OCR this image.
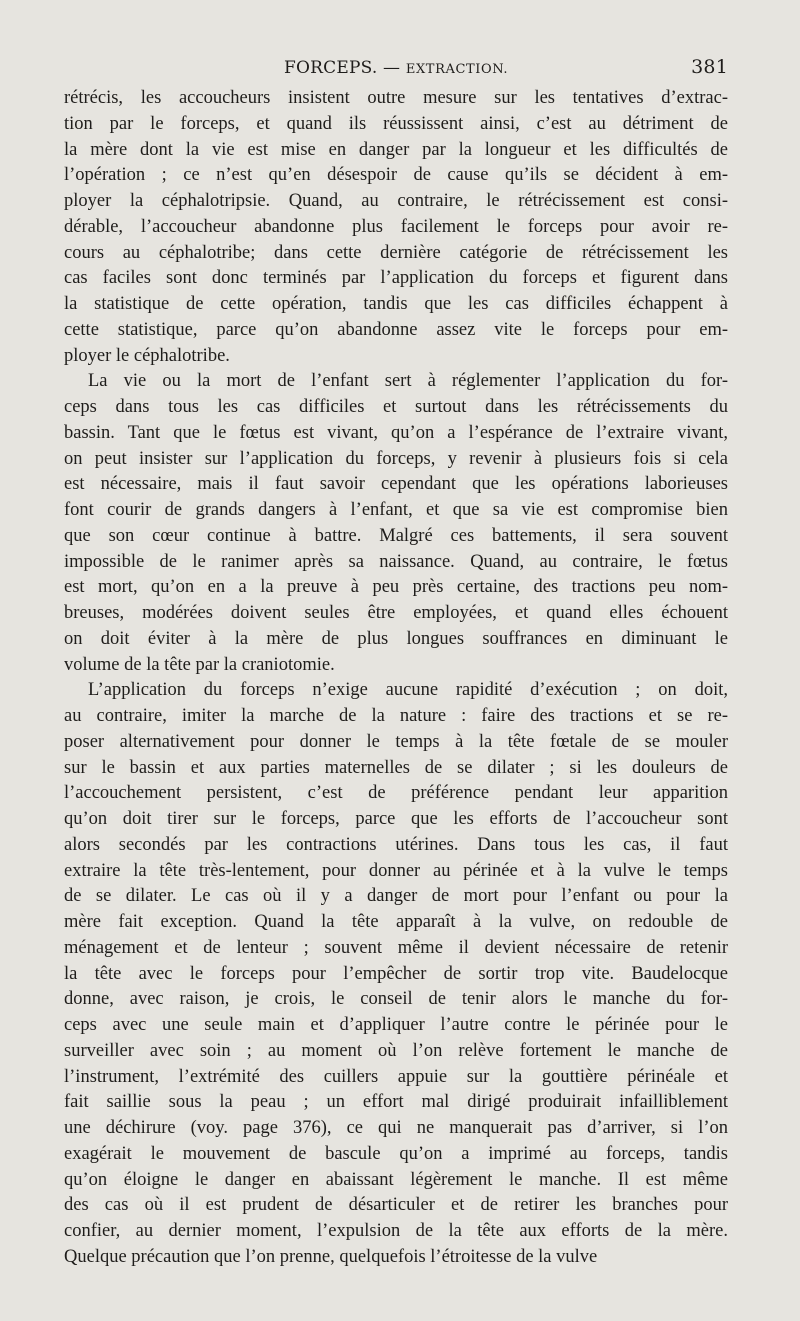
FORCEPS. — EXTRACTION.	381

rétrécis, les accoucheurs insistent outre mesure sur les tentatives d’extrac-
tion par le forceps, et quand ils réussissent ainsi, c’est au détriment de
la mère dont la vie est mise en danger par la longueur et les difficultés de
l’opération ; ce n’est qu’en désespoir de cause qu’ils se décident à em-
ployer la céphalotripsie. Quand, au contraire, le rétrécissement est consi-
dérable, l’accoucheur abandonne plus facilement le forceps pour avoir re-
cours au céphalotribe; dans cette dernière catégorie de rétrécissement les
cas faciles sont donc terminés par l’application du forceps et figurent dans
la statistique de cette opération, tandis que les cas difficiles échappent à
cette statistique, parce qu’on abandonne assez vite le forceps pour em-
ployer le céphalotribe.

La vie ou la mort de l’enfant sert à réglementer l’application du for-
ceps dans tous les cas difficiles et surtout dans les rétrécissements du
bassin. Tant que le fœtus est vivant, qu’on a l’espérance de l’extraire vivant,
on peut insister sur l’application du forceps, y revenir à plusieurs fois si cela
est nécessaire, mais il faut savoir cependant que les opérations laborieuses
font courir de grands dangers à l’enfant, et que sa vie est compromise bien
que son cœur continue à battre. Malgré ces battements, il sera souvent
impossible de le ranimer après sa naissance. Quand, au contraire, le fœtus
est mort, qu’on en a la preuve à peu près certaine, des tractions peu nom-
breuses, modérées doivent seules être employées, et quand elles échouent
on doit éviter à la mère de plus longues souffrances en diminuant le
volume de la tête par la craniotomie.

L’application du forceps n’exige aucune rapidité d’exécution ; on doit,
au contraire, imiter la marche de la nature : faire des tractions et se re-
poser alternativement pour donner le temps à la tête fœtale de se mouler
sur le bassin et aux parties maternelles de se dilater ; si les douleurs de
l’accouchement persistent, c’est de préférence pendant leur apparition
qu’on doit tirer sur le forceps, parce que les efforts de l’accoucheur sont
alors secondés par les contractions utérines. Dans tous les cas, il faut
extraire la tête très-lentement, pour donner au périnée et à la vulve le temps
de se dilater. Le cas où il y a danger de mort pour l’enfant ou pour la
mère fait exception. Quand la tête apparaît à la vulve, on redouble de
ménagement et de lenteur ; souvent même il devient nécessaire de retenir
la tête avec le forceps pour l’empêcher de sortir trop vite. Baudelocque
donne, avec raison, je crois, le conseil de tenir alors le manche du for-
ceps avec une seule main et d’appliquer l’autre contre le périnée pour le
surveiller avec soin ; au moment où l’on relève fortement le manche de
l’instrument, l’extrémité des cuillers appuie sur la gouttière périnéale et
fait saillie sous la peau ; un effort mal dirigé produirait infailliblement
une déchirure (voy. page 376), ce qui ne manquerait pas d’arriver, si l’on
exagérait le mouvement de bascule qu’on a imprimé au forceps, tandis
qu’on éloigne le danger en abaissant légèrement le manche. Il est même
des cas où il est prudent de désarticuler et de retirer les branches pour
confier, au dernier moment, l’expulsion de la tête aux efforts de la mère.
Quelque précaution que l’on prenne, quelquefois l’étroitesse de la vulve
